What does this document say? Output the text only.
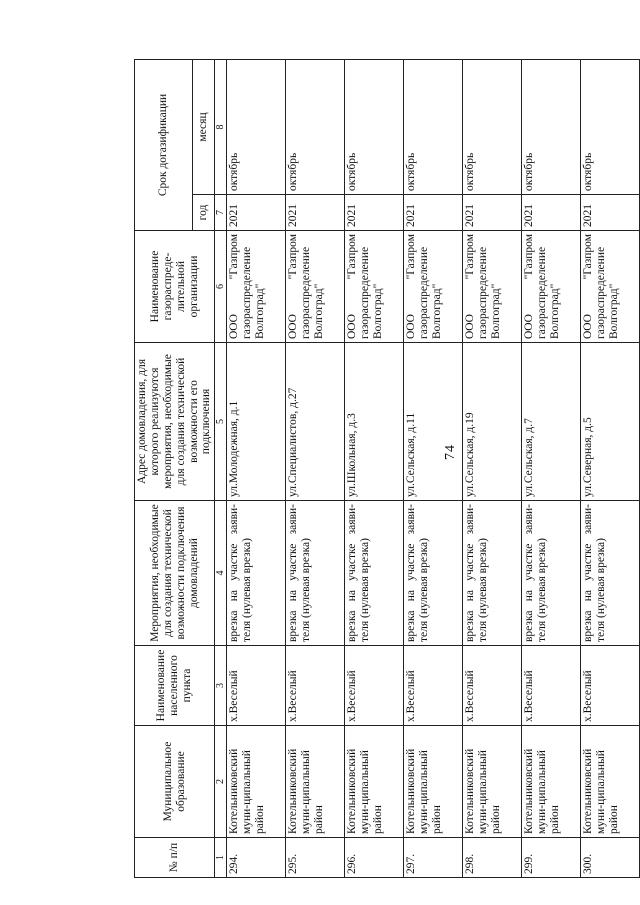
74
№ п/п	Муниципальное образование	Наименование населенного пункта	Мероприятия, необходимые для создания технической возможности подключения домовладений	Адрес домовладения, для которого реализуются мероприятия, необходимые для создания технической возможности его подключения	Наименование газораспреде-лительной организации	Срок догазификации	
						год	месяц
1	2	3	4	5	6	7	8
294.	Котельниковский муни-ципальный район	х.Веселый	врезка на участке заяви-теля (нулевая врезка)	ул.Молодежная, д.1	ООО "Газпром газораспределение Волгоград"	2021	октябрь
295.	Котельниковский муни-ципальный район	х.Веселый	врезка на участке заяви-теля (нулевая врезка)	ул.Специалистов, д.27	ООО "Газпром газораспределение Волгоград"	2021	октябрь
296.	Котельниковский муни-ципальный район	х.Веселый	врезка на участке заяви-теля (нулевая врезка)	ул.Школьная, д.3	ООО "Газпром газораспределение Волгоград"	2021	октябрь
297.	Котельниковский муни-ципальный район	х.Веселый	врезка на участке заяви-теля (нулевая врезка)	ул.Сельская, д.11	ООО "Газпром газораспределение Волгоград"	2021	октябрь
298.	Котельниковский муни-ципальный район	х.Веселый	врезка на участке заяви-теля (нулевая врезка)	ул.Сельская, д.19	ООО "Газпром газораспределение Волгоград"	2021	октябрь
299.	Котельниковский муни-ципальный район	х.Веселый	врезка на участке заяви-теля (нулевая врезка)	ул.Сельская, д.7	ООО "Газпром газораспределение Волгоград"	2021	октябрь
300.	Котельниковский муни-ципальный район	х.Веселый	врезка на участке заяви-теля (нулевая врезка)	ул.Северная, д.5	ООО "Газпром газораспределение Волгоград"	2021	октябрь
